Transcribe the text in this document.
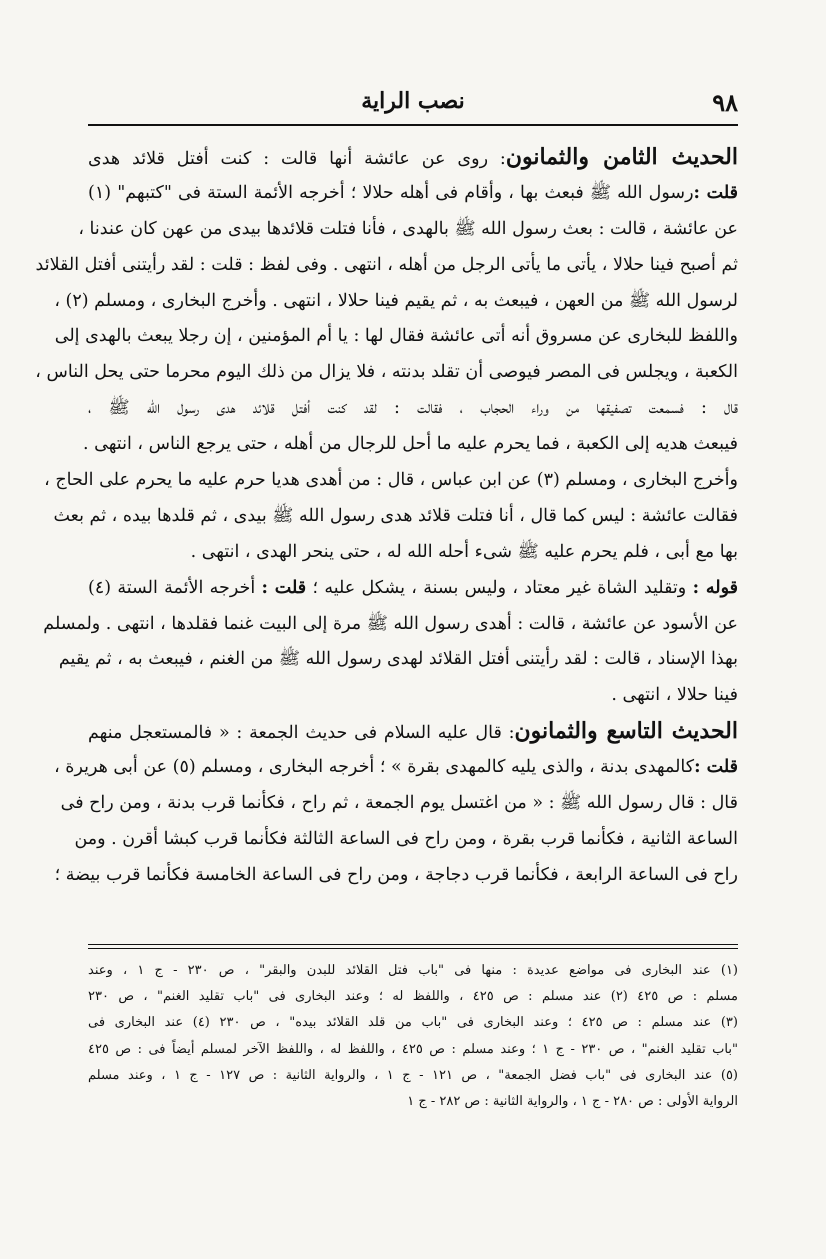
٩٨
نصب الراية
الحديث الثامن والثمانون: روى عن عائشة أنها قالت : كنت أفتل قلائد هدى
قلت :رسول الله ﷺ فبعث بها ، وأقام فى أهله حلالا ؛ أخرجه الأئمة الستة فى "كتبهم" (١)
عن عائشة ، قالت : بعث رسول الله ﷺ بالهدى ، فأنا فتلت قلائدها بيدى من عهن كان عندنا ،
ثم أصبح فينا حلالا ، يأتى ما يأتى الرجل من أهله ، انتهى . وفى لفظ : قلت : لقد رأيتنى أفتل القلائد
لرسول الله ﷺ من العهن ، فيبعث به ، ثم يقيم فينا حلالا ، انتهى . وأخرج البخارى ، ومسلم (٢) ،
واللفظ للبخارى عن مسروق أنه أتى عائشة فقال لها : يا أم المؤمنين ، إن رجلا يبعث بالهدى إلى
الكعبة ، ويجلس فى المصر فيوصى أن تقلد بدنته ، فلا يزال من ذلك اليوم محرما حتى يحل الناس ،
قال : فسمعت تصفيقها من وراء الحجاب ، فقالت : لقد كنت أفتل قلائد هدى رسول الله ﷺ ،
فيبعث هديه إلى الكعبة ، فما يحرم عليه ما أحل للرجال من أهله ، حتى يرجع الناس ، انتهى .
وأخرج البخارى ، ومسلم (٣) عن ابن عباس ، قال : من أهدى هديا حرم عليه ما يحرم على الحاج ،
فقالت عائشة : ليس كما قال ، أنا فتلت قلائد هدى رسول الله ﷺ بيدى ، ثم قلدها بيده ، ثم بعث
بها مع أبى ، فلم يحرم عليه ﷺ شىء أحله الله له ، حتى ينحر الهدى ، انتهى .
قوله : وتقليد الشاة غير معتاد ، وليس بسنة ، يشكل عليه ؛ قلت : أخرجه الأئمة الستة (٤)
عن الأسود عن عائشة ، قالت : أهدى رسول الله ﷺ مرة إلى البيت غنما فقلدها ، انتهى . ولمسلم
بهذا الإسناد ، قالت : لقد رأيتنى أفتل القلائد لهدى رسول الله ﷺ من الغنم ، فيبعث به ، ثم يقيم
فينا حلالا ، انتهى .
الحديث التاسع والثمانون: قال عليه السلام فى حديث الجمعة : « فالمستعجل منهم
قلت :كالمهدى بدنة ، والذى يليه كالمهدى بقرة » ؛ أخرجه البخارى ، ومسلم (٥) عن أبى هريرة ،
قال : قال رسول الله ﷺ : « من اغتسل يوم الجمعة ، ثم راح ، فكأنما قرب بدنة ، ومن راح فى
الساعة الثانية ، فكأنما قرب بقرة ، ومن راح فى الساعة الثالثة فكأنما قرب كبشا أقرن . ومن
راح فى الساعة الرابعة ، فكأنما قرب دجاجة ، ومن راح فى الساعة الخامسة فكأنما قرب بيضة ؛
(١) عند البخارى فى مواضع عديدة : منها فى "باب فتل القلائد للبدن والبقر" ، ص ٢٣٠ - ج ١ ، وعند
مسلم : ص ٤٢٥ (٢) عند مسلم : ص ٤٢٥ ، واللفظ له ؛ وعند البخارى فى "باب تقليد الغنم" ، ص ٢٣٠
(٣) عند مسلم : ص ٤٢٥ ؛ وعند البخارى فى "باب من قلد القلائد بيده" ، ص ٢٣٠ (٤) عند البخارى فى
"باب تقليد الغنم" ، ص ٢٣٠ - ج ١ ؛ وعند مسلم : ص ٤٢٥ ، واللفظ له ، واللفظ الآخر لمسلم أيضاً فى : ص ٤٢٥
(٥) عند البخارى فى "باب فضل الجمعة" ، ص ١٢١ - ج ١ ، والرواية الثانية : ص ١٢٧ - ج ١ ، وعند مسلم
الرواية الأولى : ص ٢٨٠ - ج ١ ، والرواية الثانية : ص ٢٨٢ - ج ١
